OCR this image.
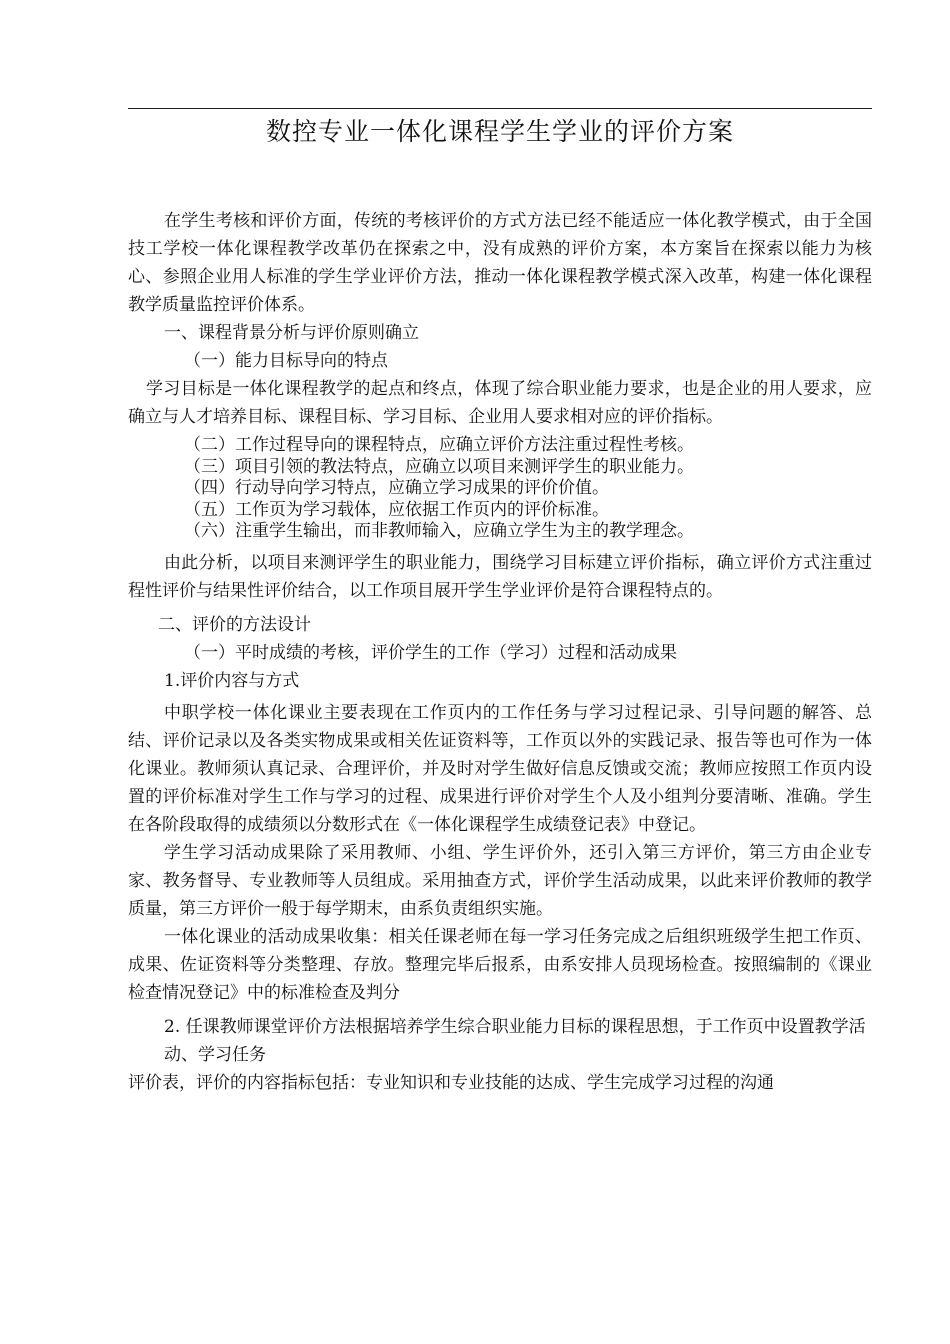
数控专业一体化课程学生学业的评价方案

在学生考核和评价方面，传统的考核评价的方式方法已经不能适应一体化教学模式，由于全国技工学校一体化课程教学改革仍在探索之中，没有成熟的评价方案，本方案旨在探索以能力为核心、参照企业用人标准的学生学业评价方法，推动一体化课程教学模式深入改革，构建一体化课程教学质量监控评价体系。

一、课程背景分析与评价原则确立

（一）能力目标导向的特点

学习目标是一体化课程教学的起点和终点，体现了综合职业能力要求，也是企业的用人要求，应确立与人才培养目标、课程目标、学习目标、企业用人要求相对应的评价指标。

（二）工作过程导向的课程特点，应确立评价方法注重过程性考核。

（三）项目引领的教法特点，应确立以项目来测评学生的职业能力。

（四）行动导向学习特点，应确立学习成果的评价价值。

（五）工作页为学习载体，应依据工作页内的评价标准。

（六）注重学生输出，而非教师输入，应确立学生为主的教学理念。

由此分析，以项目来测评学生的职业能力，围绕学习目标建立评价指标，确立评价方式注重过程性评价与结果性评价结合，以工作项目展开学生学业评价是符合课程特点的。

二、评价的方法设计

（一）平时成绩的考核，评价学生的工作（学习）过程和活动成果

1.评价内容与方式

中职学校一体化课业主要表现在工作页内的工作任务与学习过程记录、引导问题的解答、总结、评价记录以及各类实物成果或相关佐证资料等，工作页以外的实践记录、报告等也可作为一体化课业。教师须认真记录、合理评价，并及时对学生做好信息反馈或交流；教师应按照工作页内设置的评价标准对学生工作与学习的过程、成果进行评价对学生个人及小组判分要清晰、准确。学生在各阶段取得的成绩须以分数形式在《一体化课程学生成绩登记表》中登记。

学生学习活动成果除了采用教师、小组、学生评价外，还引入第三方评价，第三方由企业专家、教务督导、专业教师等人员组成。采用抽查方式，评价学生活动成果，以此来评价教师的教学质量，第三方评价一般于每学期末，由系负责组织实施。

一体化课业的活动成果收集：相关任课老师在每一学习任务完成之后组织班级学生把工作页、成果、佐证资料等分类整理、存放。整理完毕后报系，由系安排人员现场检查。按照编制的《课业检查情况登记》中的标准检查及判分

2. 任课教师课堂评价方法根据培养学生综合职业能力目标的课程思想，于工作页中设置教学活动、学习任务

评价表，评价的内容指标包括：专业知识和专业技能的达成、学生完成学习过程的沟通
